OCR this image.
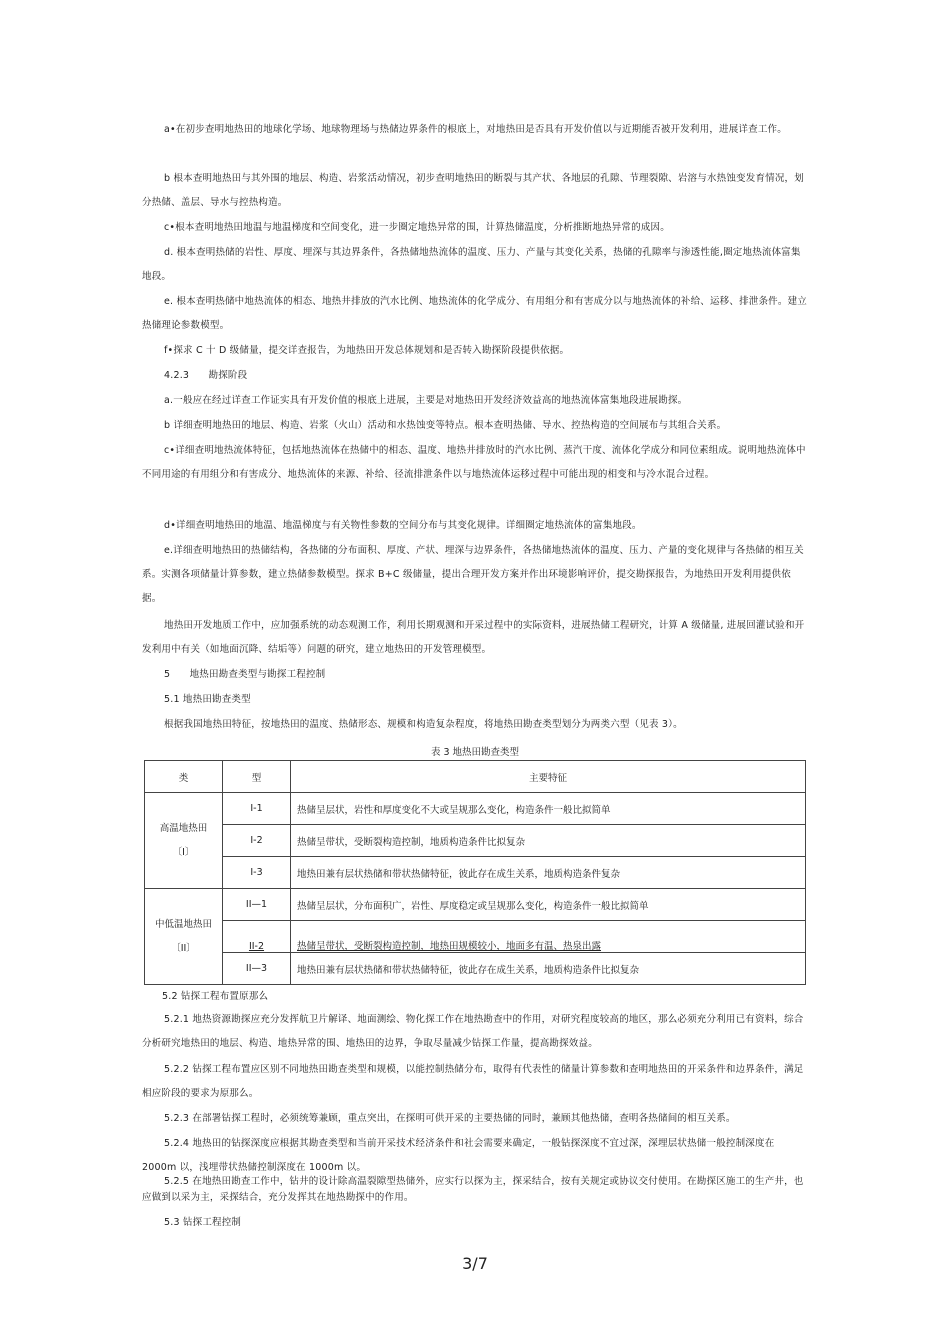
a•在初步查明地热田的地球化学场、地球物理场与热储边界条件的根底上，对地热田是否具有开发价值以与近期能否被开发利用，进展详查工作。

b 根本查明地热田与其外围的地层、构造、岩浆活动情况，初步查明地热田的断裂与其产状、各地层的孔隙、节理裂隙、岩溶与水热蚀变发育情况，划分热储、盖层、导水与控热构造。

c•根本查明地热田地温与地温梯度和空间变化，进一步圈定地热异常的围，计算热储温度，分析推断地热异常的成因。

d. 根本查明热储的岩性、厚度、埋深与其边界条件，各热储地热流体的温度、压力、产量与其变化关系，热储的孔隙率与渗透性能,圈定地热流体富集地段。

e. 根本查明热储中地热流体的相态、地热井排放的汽水比例、地热流体的化学成分、有用组分和有害成分以与地热流体的补给、运移、排泄条件。建立热储理论参数模型。

f•探求 C 十 D 级储量，提交详查报告，为地热田开发总体规划和是否转入勘探阶段提供依据。

4.2.3      勘探阶段

a.一般应在经过详查工作证实具有开发价值的根底上进展，主要是对地热田开发经济效益高的地热流体富集地段进展勘探。

b 详细查明地热田的地层、构造、岩浆（火山）活动和水热蚀变等特点。根本查明热储、导水、控热构造的空间展布与其组合关系。

c•详细查明地热流体特征，包括地热流体在热储中的相态、温度、地热井排放时的汽水比例、蒸汽干度、流体化学成分和同位素组成。说明地热流体中不同用途的有用组分和有害成分、地热流体的来源、补给、径流排泄条件以与地热流体运移过程中可能出现的相变和与冷水混合过程。

d•详细查明地热田的地温、地温梯度与有关物性参数的空间分布与其变化规律。详细圈定地热流体的富集地段。

e.详细查明地热田的热储结构，各热储的分布面积、厚度、产状、埋深与边界条件，各热储地热流体的温度、压力、产量的变化规律与各热储的相互关系。实测各项储量计算参数，建立热储参数模型。探求 B+C 级储量，提出合理开发方案并作出环境影响评价，提交勘探报告，为地热田开发利用提供依据。

地热田开发地质工作中，应加强系统的动态观测工作，利用长期观测和开采过程中的实际资料，进展热储工程研究，计算 A 级储量, 进展回灌试验和开发利用中有关（如地面沉降、结垢等）问题的研究，建立地热田的开发管理模型。

5      地热田勘查类型与勘探工程控制

5.1 地热田勘查类型

根据我国地热田特征，按地热田的温度、热储形态、规模和构造复杂程度，将地热田勘查类型划分为两类六型（见表 3）。

表 3 地热田勘查类型
类	型	主要特征

高温地热田
〔I〕	I-1	热储呈层状，岩性和厚度变化不大或呈规那么变化，构造条件一般比拟简单
	I-2	热储呈带状，受断裂构造控制，地质构造条件比拟复杂
	I-3	地热田兼有层状热储和带状热储特征，彼此存在成生关系，地质构造条件复杂

中低温地热田
〔II〕	II—1	热储呈层状，分布面积广，岩性、厚度稳定或呈规那么变化，构造条件一般比拟简单
	II-2	热储呈带状，受断裂构造控制，地热田规模较小，地面多有温、热泉出露
	II—3	地热田兼有层状热储和带状热储特征，彼此存在成生关系，地质构造条件比拟复杂

5.2 钻探工程布置原那么

5.2.1 地热资源勘探应充分发挥航卫片解译、地面测绘、物化探工作在地热勘查中的作用，对研究程度较高的地区，那么必须充分利用已有资料，综合分析研究地热田的地层、构造、地热异常的围、地热田的边界，争取尽量减少钻探工作量，提高勘探效益。

5.2.2 钻探工程布置应区别不同地热田勘查类型和规模，以能控制热储分布，取得有代表性的储量计算参数和查明地热田的开采条件和边界条件，满足相应阶段的要求为原那么。

5.2.3 在部署钻探工程时，必须统筹兼顾，重点突出，在探明可供开采的主要热储的同时，兼顾其他热储，查明各热储间的相互关系。

5.2.4 地热田的钻探深度应根据其勘查类型和当前开采技术经济条件和社会需要来确定，一般钻探深度不宜过深，深埋层状热储一般控制深度在 2000m 以，浅埋带状热储控制深度在 1000m 以。

5.2.5 在地热田勘查工作中，钻井的设计除高温裂隙型热储外，应实行以探为主，探采结合，按有关规定或协议交付使用。在勘探区施工的生产井，也应做到以采为主，采探结合，充分发挥其在地热勘探中的作用。

5.3 钻探工程控制

3/7
